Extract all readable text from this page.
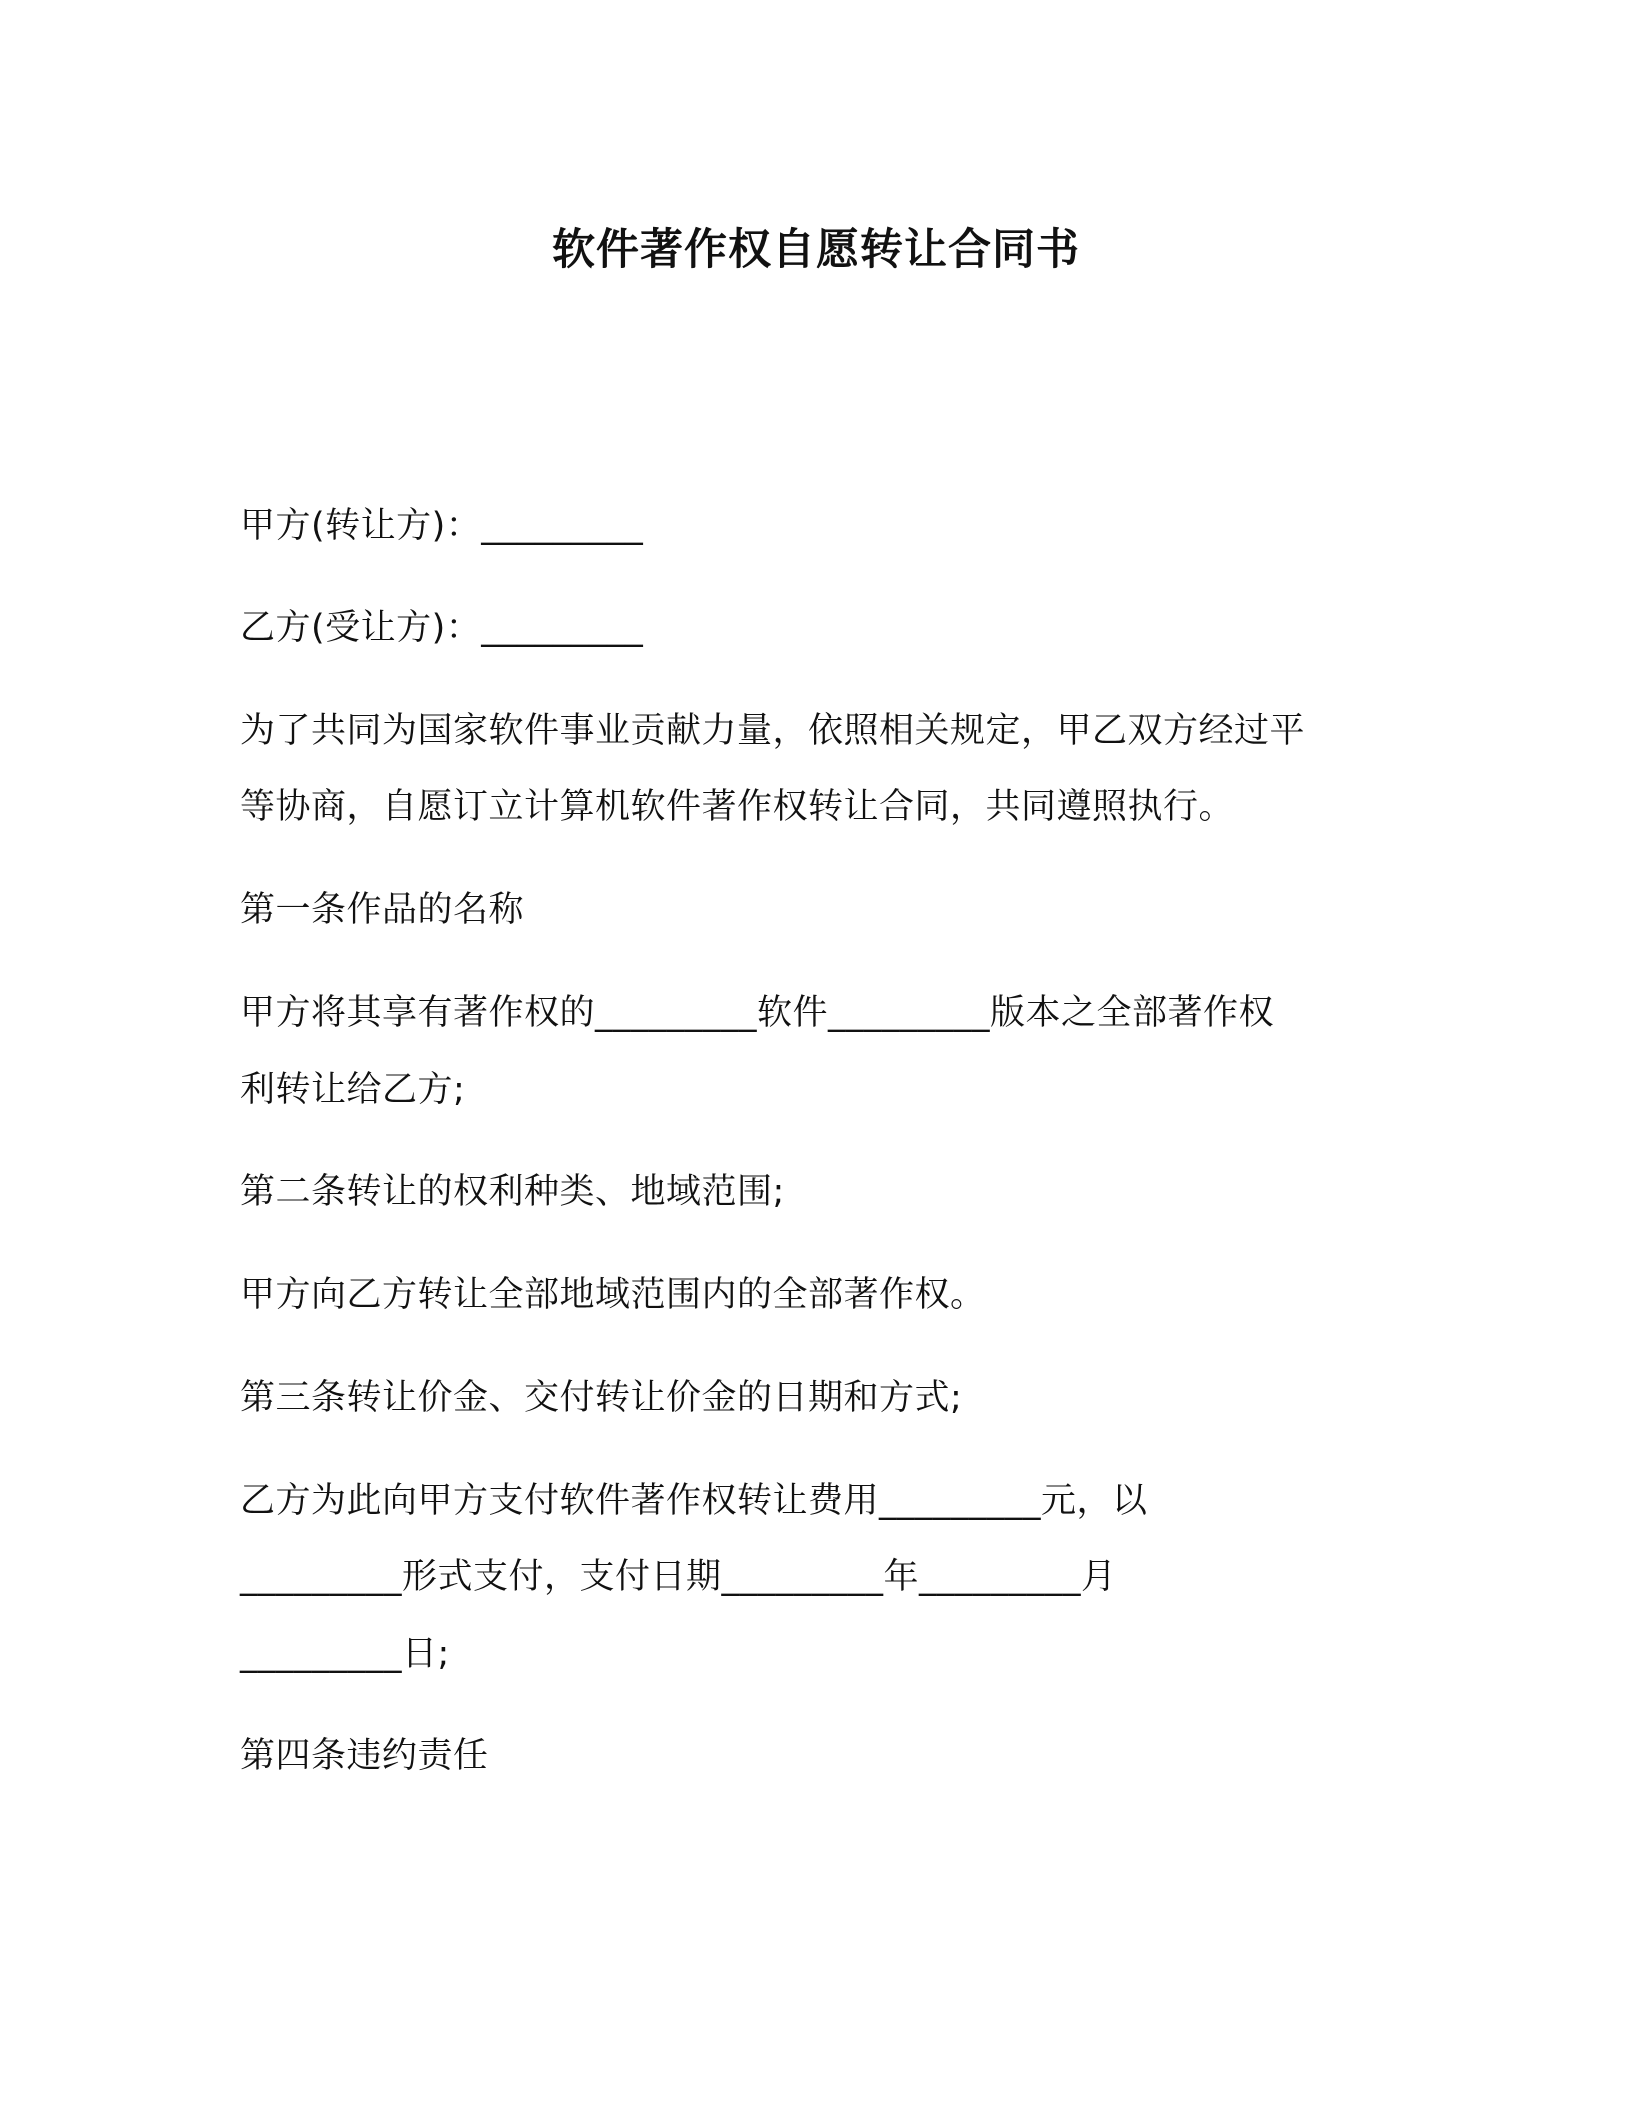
软件著作权自愿转让合同书
甲方(转让方)：_________
乙方(受让方)：_________
为了共同为国家软件事业贡献力量，依照相关规定，甲乙双方经过平
等协商，自愿订立计算机软件著作权转让合同，共同遵照执行。
第一条作品的名称
甲方将其享有著作权的_________软件_________版本之全部著作权
利转让给乙方;
第二条转让的权利种类、地域范围;
甲方向乙方转让全部地域范围内的全部著作权。
第三条转让价金、交付转让价金的日期和方式;
乙方为此向甲方支付软件著作权转让费用_________元，以
_________形式支付，支付日期_________年_________月
_________日;
第四条违约责任
